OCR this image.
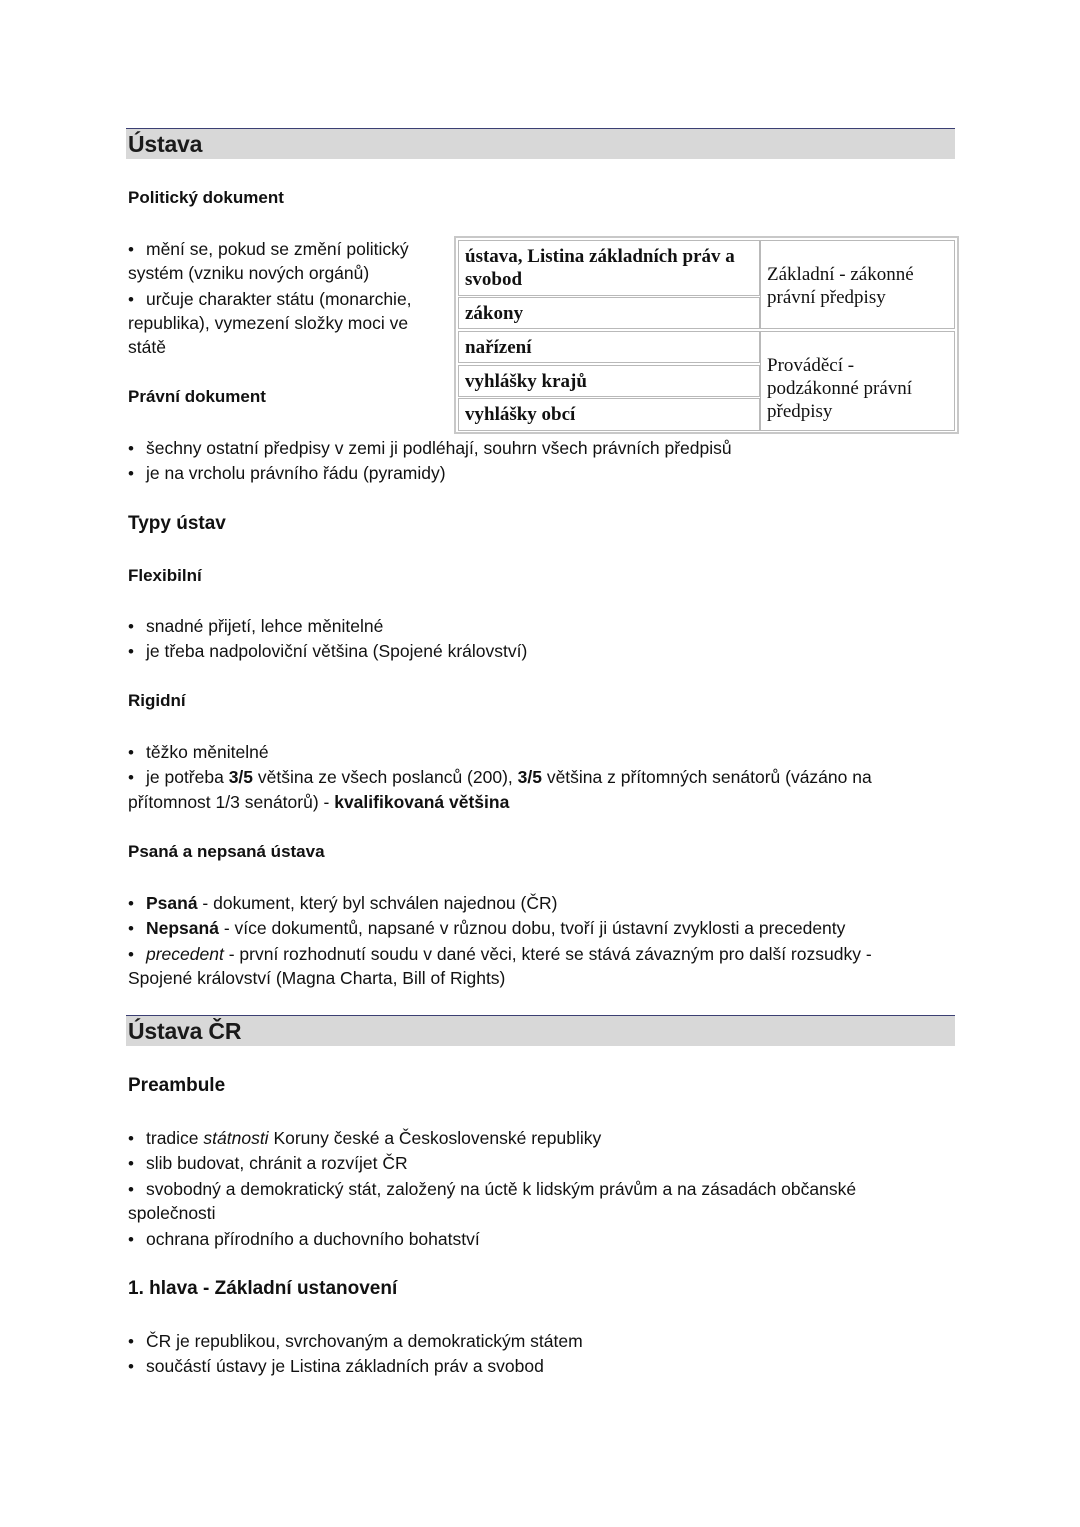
Ústava
Politický dokument
• mění se, pokud se změní politický
systém (vzniku nových orgánů)
• určuje charakter státu (monarchie,
republika), vymezení složky moci ve
státě
ústava, Listina základních práv a svobod
zákony
nařízení
vyhlášky krajů
vyhlášky obcí
Základní - zákonné právní předpisy
Prováděcí - podzákonné právní předpisy
Právní dokument
• šechny ostatní předpisy v zemi ji podléhají, souhrn všech právních předpisů
• je na vrcholu právního řádu (pyramidy)
Typy ústav
Flexibilní
• snadné přijetí, lehce měnitelné
• je třeba nadpoloviční většina (Spojené království)
Rigidní
• těžko měnitelné
• je potřeba 3/5 většina ze všech poslanců (200), 3/5 většina z přítomných senátorů (vázáno na
přítomnost 1/3 senátorů) - kvalifikovaná většina
Psaná a nepsaná ústava
• Psaná - dokument, který byl schválen najednou (ČR)
• Nepsaná - více dokumentů, napsané v různou dobu, tvoří ji ústavní zvyklosti a precedenty
• precedent - první rozhodnutí soudu v dané věci, které se stává závazným pro další rozsudky -
Spojené království (Magna Charta, Bill of Rights)
Ústava ČR
Preambule
• tradice státnosti Koruny české a Československé republiky
• slib budovat, chránit a rozvíjet ČR
• svobodný a demokratický stát, založený na úctě k lidským právům a na zásadách občanské
společnosti
• ochrana přírodního a duchovního bohatství
1. hlava - Základní ustanovení
• ČR je republikou, svrchovaným a demokratickým státem
• součástí ústavy je Listina základních práv a svobod
